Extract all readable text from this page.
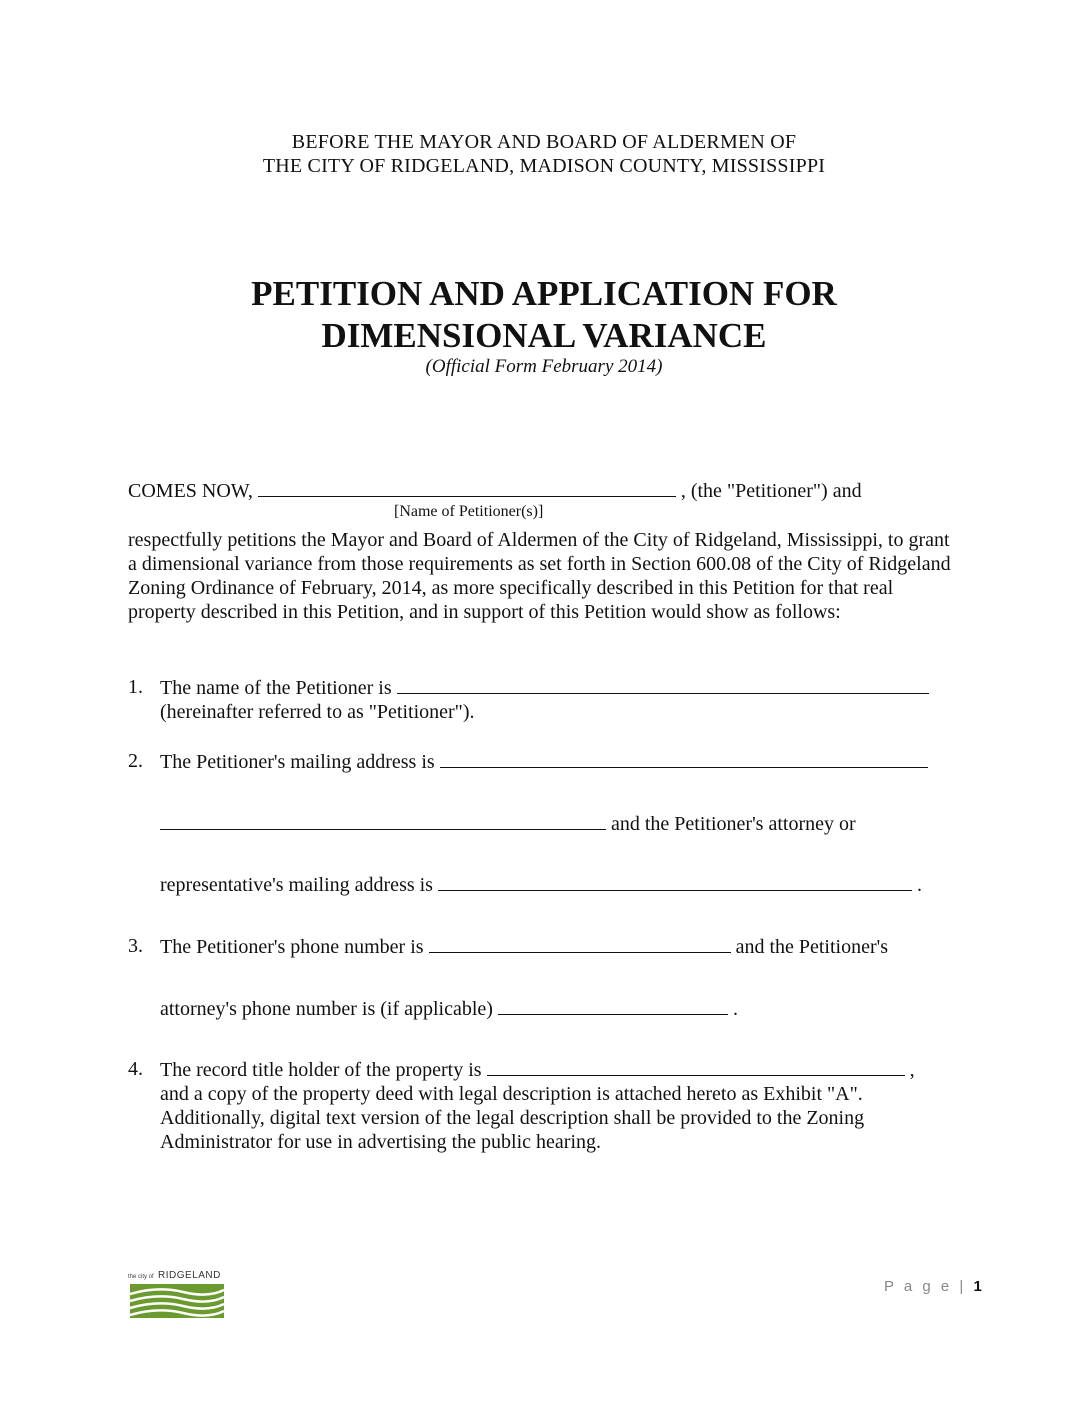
BEFORE THE MAYOR AND BOARD OF ALDERMEN OF
THE CITY OF RIDGELAND, MADISON COUNTY, MISSISSIPPI
PETITION AND APPLICATION FOR
DIMENSIONAL VARIANCE
(Official Form February 2014)
COMES NOW,	, (the "Petitioner") and
[Name of Petitioner(s)]
respectfully petitions the Mayor and Board of Aldermen of the City of Ridgeland, Mississippi, to grant a dimensional variance from those requirements as set forth in Section 600.08 of the City of Ridgeland Zoning Ordinance of February, 2014, as more specifically described in this Petition for that real property described in this Petition, and in support of this Petition would show as follows:
1. The name of the Petitioner is
(hereinafter referred to as "Petitioner").
2. The Petitioner's mailing address is
and the Petitioner's attorney or
representative's mailing address is	.
3. The Petitioner's phone number is	and the Petitioner's
attorney's phone number is (if applicable)	.
4. The record title holder of the property is	,
and a copy of the property deed with legal description is attached hereto as Exhibit "A". Additionally, digital text version of the legal description shall be provided to the Zoning Administrator for use in advertising the public hearing.
the city of RIDGELAND
P a g e | 1
